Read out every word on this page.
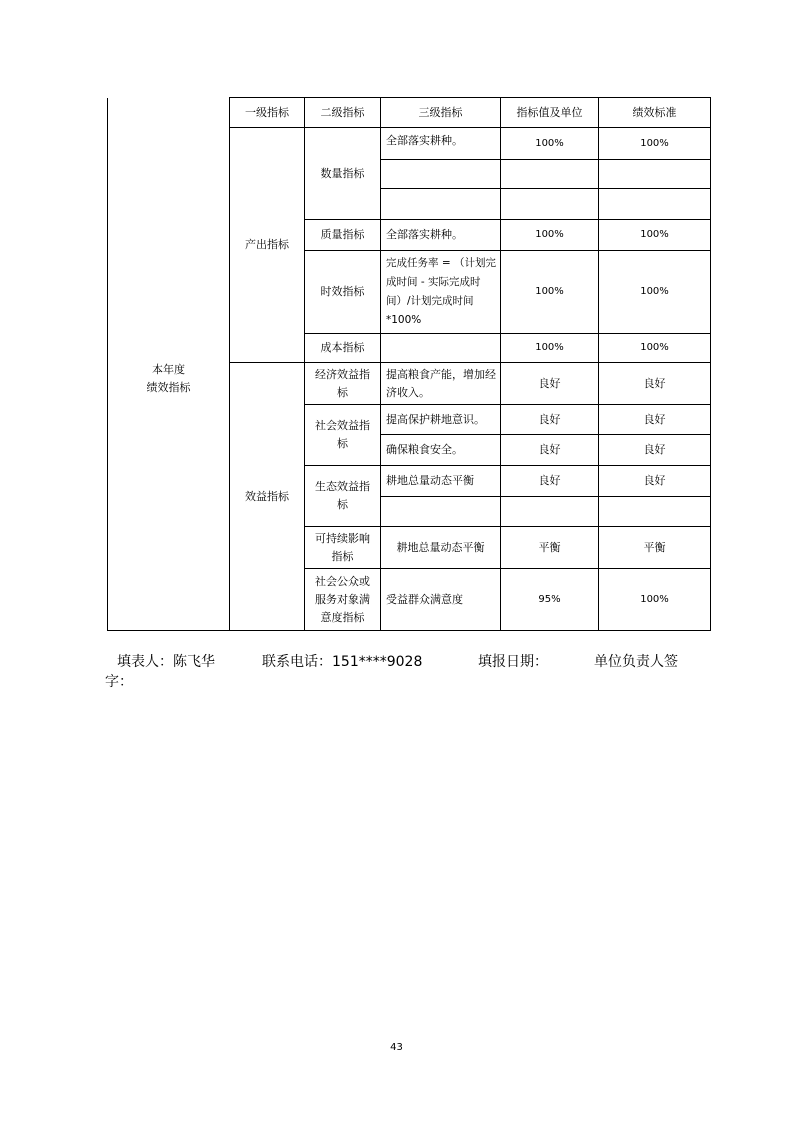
	一级指标	二级指标	三级指标	指标值及单位	绩效标准

本年度
绩效指标	产出指标	数量指标	全部落实耕种。	100%	100%

		质量指标	全部落实耕种。	100%	100%
		时效指标	完成任务率 = （计划完成时间 - 实际完成时间）/计划完成时间*100%	100%	100%
		成本指标		100%	100%

	效益指标	经济效益指标	提高粮食产能，增加经济收入。	良好	良好
		社会效益指标	提高保护耕地意识。	良好	良好
			确保粮食安全。	良好	良好
		生态效益指标	耕地总量动态平衡	良好	良好

		可持续影响指标	耕地总量动态平衡	平衡	平衡
		社会公众或服务对象满意度指标	受益群众满意度	95%	100%
填表人：陈飞华	联系电话：151****9028	填报日期：	单位负责人签
字：
43
